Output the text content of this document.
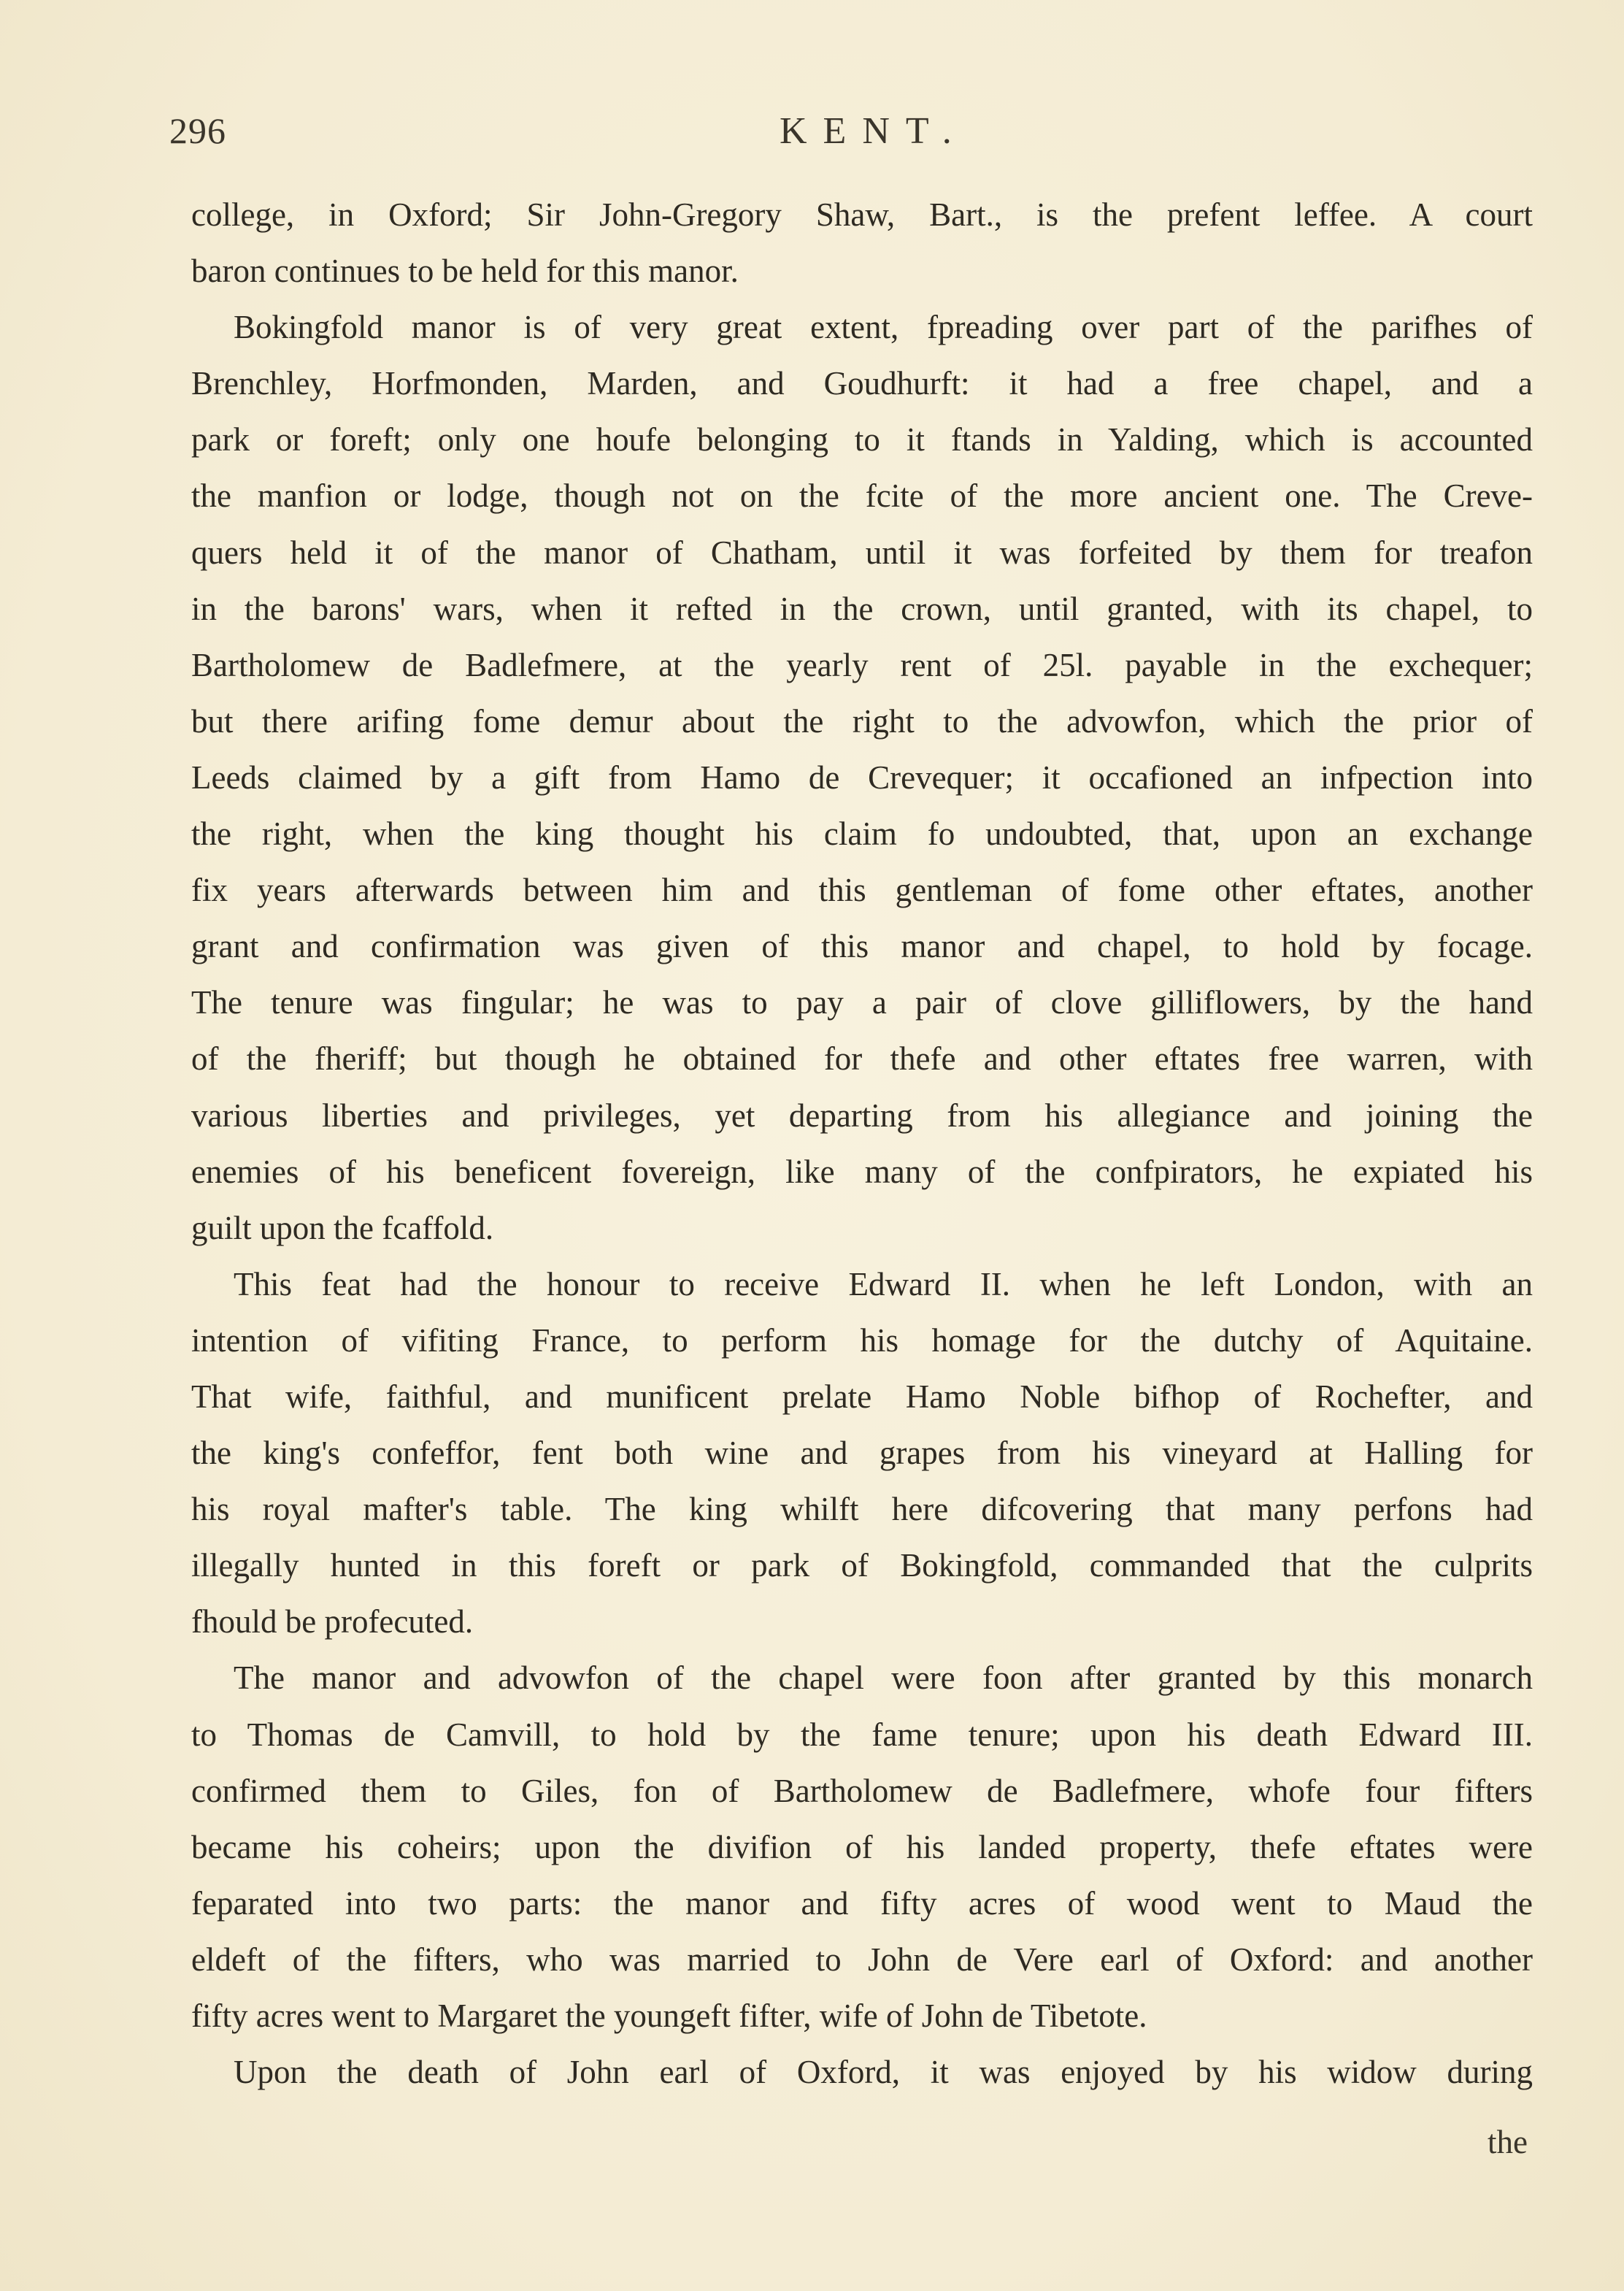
296	KENT.
college, in Oxford; Sir John-Gregory Shaw, Bart., is the prefent leffee. A court
baron continues to be held for this manor.
Bokingfold manor is of very great extent, fpreading over part of the parifhes of
Brenchley, Horfmonden, Marden, and Goudhurft: it had a free chapel, and a
park or foreft; only one houfe belonging to it ftands in Yalding, which is accounted
the manfion or lodge, though not on the fcite of the more ancient one. The Creve-
quers held it of the manor of Chatham, until it was forfeited by them for treafon
in the barons' wars, when it refted in the crown, until granted, with its chapel, to
Bartholomew de Badlefmere, at the yearly rent of 25l. payable in the exchequer;
but there arifing fome demur about the right to the advowfon, which the prior of
Leeds claimed by a gift from Hamo de Crevequer; it occafioned an infpection into
the right, when the king thought his claim fo undoubted, that, upon an exchange
fix years afterwards between him and this gentleman of fome other eftates, another
grant and confirmation was given of this manor and chapel, to hold by focage.
The tenure was fingular; he was to pay a pair of clove gilliflowers, by the hand
of the fheriff; but though he obtained for thefe and other eftates free warren, with
various liberties and privileges, yet departing from his allegiance and joining the
enemies of his beneficent fovereign, like many of the confpirators, he expiated his
guilt upon the fcaffold.
This feat had the honour to receive Edward II. when he left London, with an
intention of vifiting France, to perform his homage for the dutchy of Aquitaine.
That wife, faithful, and munificent prelate Hamo Noble bifhop of Rochefter, and
the king's confeffor, fent both wine and grapes from his vineyard at Halling for
his royal mafter's table. The king whilft here difcovering that many perfons had
illegally hunted in this foreft or park of Bokingfold, commanded that the culprits
fhould be profecuted.
The manor and advowfon of the chapel were foon after granted by this monarch
to Thomas de Camvill, to hold by the fame tenure; upon his death Edward III.
confirmed them to Giles, fon of Bartholomew de Badlefmere, whofe four fifters
became his coheirs; upon the divifion of his landed property, thefe eftates were
feparated into two parts: the manor and fifty acres of wood went to Maud the
eldeft of the fifters, who was married to John de Vere earl of Oxford: and another
fifty acres went to Margaret the youngeft fifter, wife of John de Tibetote.
Upon the death of John earl of Oxford, it was enjoyed by his widow during
the
